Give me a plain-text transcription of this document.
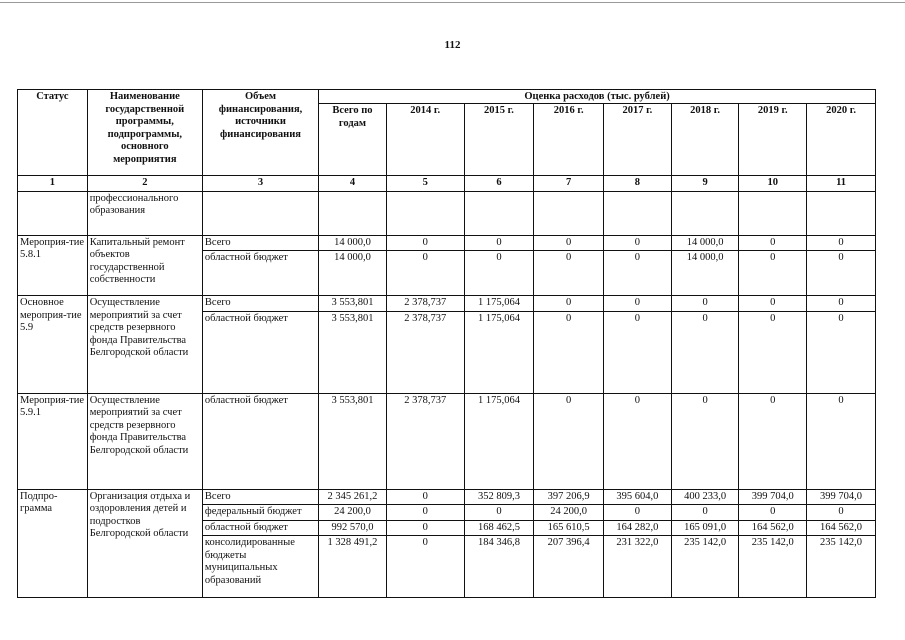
112
Статус	Наименование государственной программы, подпрограммы, основного мероприятия	Объем финансирования, источники финансирования	Оценка расходов (тыс. рублей)							
			Всего по годам	2014 г.	2015 г.	2016 г.	2017 г.	2018 г.	2019 г.	2020 г.
1	2	3	4	5	6	7	8	9	10	11
	профессионального образования									
Мероприя-тие 5.8.1	Капитальный ремонт объектов государственной собственности	Всего	14 000,0	0	0	0	0	14 000,0	0	0
		областной бюджет	14 000,0	0	0	0	0	14 000,0	0	0
Основное мероприя-тие 5.9	Осуществление мероприятий за счет средств резервного фонда Правительства Белгородской области	Всего	3 553,801	2 378,737	1 175,064	0	0	0	0	0
		областной бюджет	3 553,801	2 378,737	1 175,064	0	0	0	0	0
Мероприя-тие 5.9.1	Осуществление мероприятий за счет средств резервного фонда Правительства Белгородской области	областной бюджет	3 553,801	2 378,737	1 175,064	0	0	0	0	0
Подпро-грамма	Организация отдыха и оздоровления детей и подростков Белгородской области	Всего	2 345 261,2	0	352 809,3	397 206,9	395 604,0	400 233,0	399 704,0	399 704,0
		федеральный бюджет	24 200,0	0	0	24 200,0	0	0	0	0
		областной бюджет	992 570,0	0	168 462,5	165 610,5	164 282,0	165 091,0	164 562,0	164 562,0
		консолидированные бюджеты муниципальных образований	1 328 491,2	0	184 346,8	207 396,4	231 322,0	235 142,0	235 142,0	235 142,0
